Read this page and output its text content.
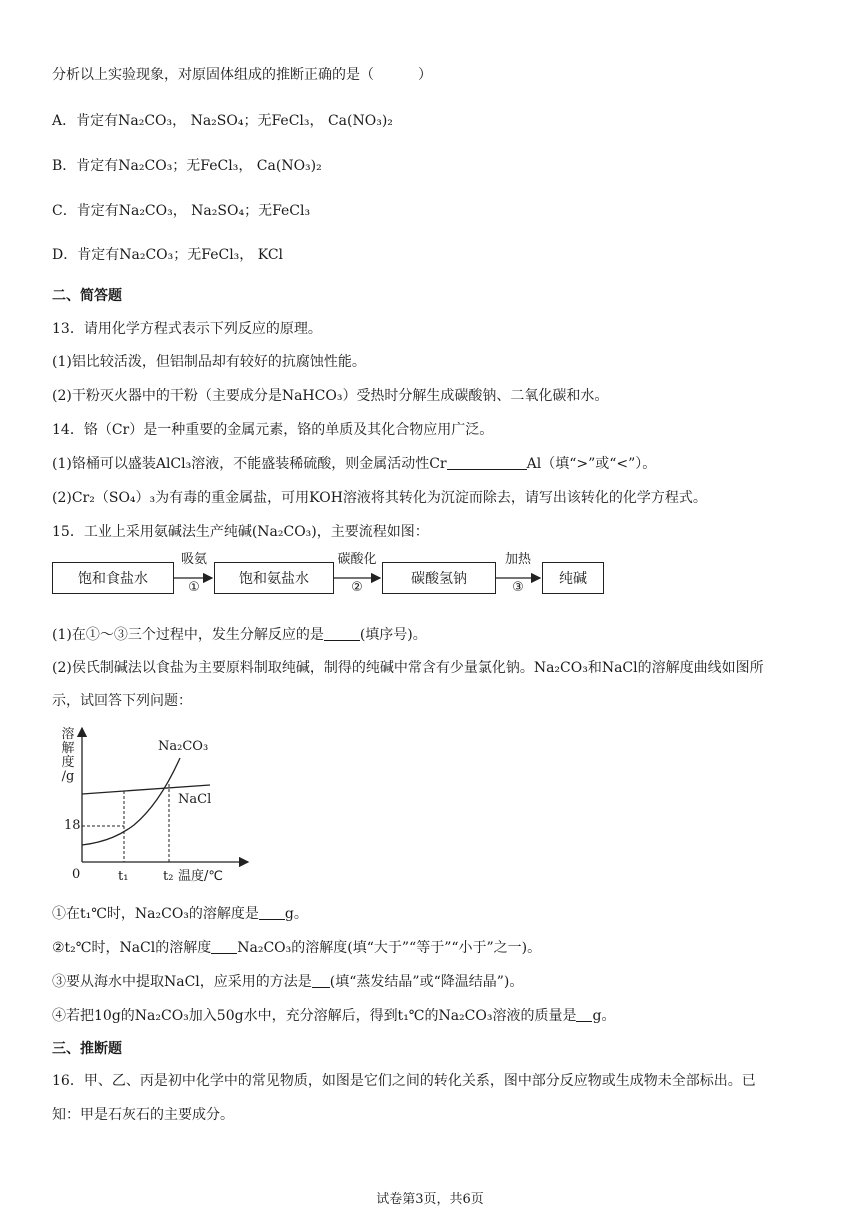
分析以上实验现象，对原固体组成的推断正确的是（	）
A．肯定有Na₂CO₃， Na₂SO₄；无FeCl₃， Ca(NO₃)₂
B．肯定有Na₂CO₃；无FeCl₃， Ca(NO₃)₂
C．肯定有Na₂CO₃， Na₂SO₄；无FeCl₃
D．肯定有Na₂CO₃；无FeCl₃， KCl
二、简答题
13．请用化学方程式表示下列反应的原理。
(1)铝比较活泼，但铝制品却有较好的抗腐蚀性能。
(2)干粉灭火器中的干粉（主要成分是NaHCO₃）受热时分解生成碳酸钠、二氧化碳和水。
14．铬（Cr）是一种重要的金属元素，铬的单质及其化合物应用广泛。
(1)铬桶可以盛装AlCl₃溶液，不能盛装稀硫酸，则金属活动性Cr	Al（填“>”或“<”）。
(2)Cr₂（SO₄）₃为有毒的重金属盐，可用KOH溶液将其转化为沉淀而除去，请写出该转化的化学方程式。
15．工业上采用氨碱法生产纯碱(Na₂CO₃)，主要流程如图：
饱和食盐水	饱和氨盐水	碳酸氢钠	纯碱
吸氨
①
碳酸化
②
加热
③
(1)在①～③三个过程中，发生分解反应的是	(填序号)。
(2)侯氏制碱法以食盐为主要原料制取纯碱，制得的纯碱中常含有少量氯化钠。Na₂CO₃和NaCl的溶解度曲线如图所
示，试回答下列问题：
溶
解
度
/g
18
0	t₁	t₂ 温度/℃
Na₂CO₃
NaCl
①在t₁℃时，Na₂CO₃的溶解度是 g。
②t₂℃时，NaCl的溶解度 Na₂CO₃的溶解度(填“大于”“等于”“小于”之一)。
③要从海水中提取NaCl，应采用的方法是 (填“蒸发结晶”或“降温结晶”)。
④若把10g的Na₂CO₃加入50g水中，充分溶解后，得到t₁℃的Na₂CO₃溶液的质量是 g。
三、推断题
16．甲、乙、丙是初中化学中的常见物质，如图是它们之间的转化关系，图中部分反应物或生成物未全部标出。已
知：甲是石灰石的主要成分。
试卷第3页，共6页
